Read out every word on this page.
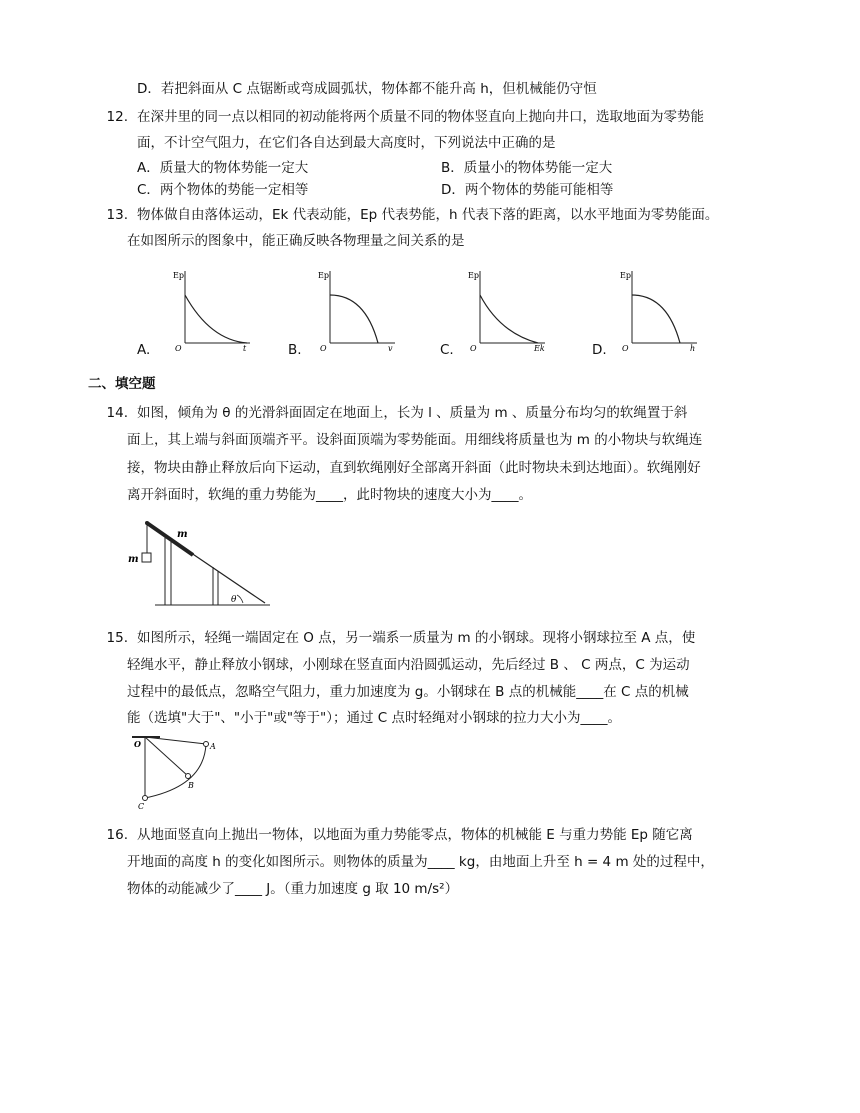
D．若把斜面从 C 点锯断或弯成圆弧状，物体都不能升高 h，但机械能仍守恒
12. 在深井里的同一点以相同的初动能将两个质量不同的物体竖直向上抛向井口，选取地面为零势能
面，不计空气阻力，在它们各自达到最大高度时，下列说法中正确的是
A．质量大的物体势能一定大	B．质量小的物体势能一定大
C．两个物体的势能一定相等	D．两个物体的势能可能相等
13. 物体做自由落体运动，Ek 代表动能，Ep 代表势能，h 代表下落的距离，以水平地面为零势能面。
在如图所示的图象中，能正确反映各物理量之间关系的是
A.
Ep
O	t	B.
Ep
O	v	C.
Ep
O	Ek	D.
Ep
O	h
二、填空题
14. 如图，倾角为 θ 的光滑斜面固定在地面上，长为 l 、质量为 m 、质量分布均匀的软绳置于斜
面上，其上端与斜面顶端齐平。设斜面顶端为零势能面。用细线将质量也为 m 的小物块与软绳连
接，物块由静止释放后向下运动，直到软绳刚好全部离开斜面（此时物块未到达地面）。软绳刚好
离开斜面时，软绳的重力势能为____，此时物块的速度大小为____。
m
m
θ
15. 如图所示，轻绳一端固定在 O 点，另一端系一质量为 m 的小钢球。现将小钢球拉至 A 点，使
轻绳水平，静止释放小钢球，小刚球在竖直面内沿圆弧运动，先后经过 B 、 C 两点，C 为运动
过程中的最低点，忽略空气阻力，重力加速度为 g。小钢球在 B 点的机械能____在 C 点的机械
能（选填"大于"、"小于"或"等于"）；通过 C 点时轻绳对小钢球的拉力大小为____。
O	A
B
C
16. 从地面竖直向上抛出一物体，以地面为重力势能零点，物体的机械能 E 与重力势能 Ep 随它离
开地面的高度 h 的变化如图所示。则物体的质量为____ kg，由地面上升至 h = 4 m 处的过程中，
物体的动能减少了____ J。（重力加速度 g 取 10 m/s²）
